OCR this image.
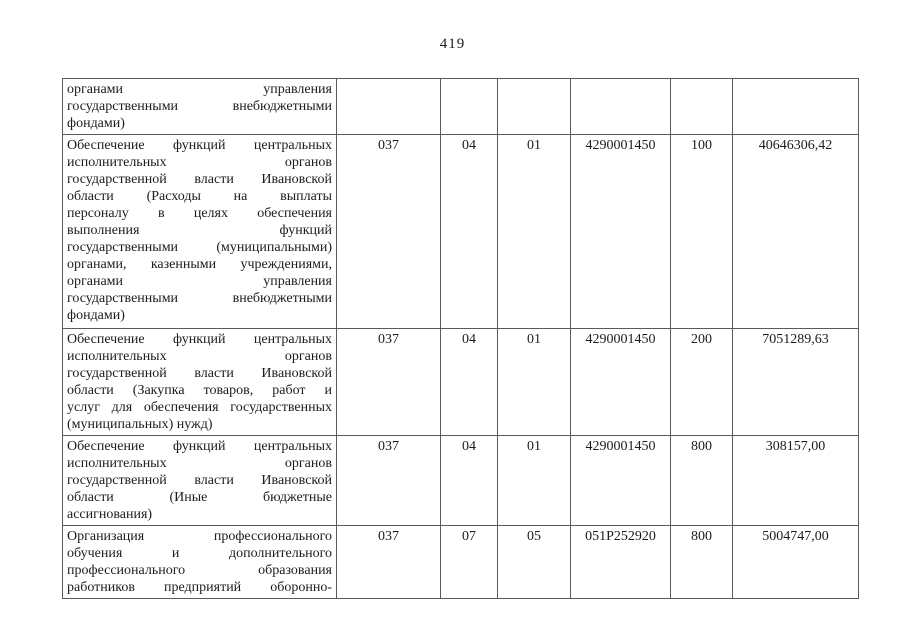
419
органами управления
государственными внебюджетными
фондами)						

Обеспечение функций центральных
исполнительных органов
государственной власти Ивановской
области (Расходы на выплаты
персоналу в целях обеспечения
выполнения функций
государственными (муниципальными)
органами, казенными учреждениями,
органами управления
государственными внебюджетными
фондами)
	037	04	01	4290001450	100	40646306,42

Обеспечение функций центральных
исполнительных органов
государственной власти Ивановской
области (Закупка товаров, работ и
услуг для обеспечения государственных
(муниципальных) нужд)
	037	04	01	4290001450	200	7051289,63

Обеспечение функций центральных
исполнительных органов
государственной власти Ивановской
области (Иные бюджетные
ассигнования)	037	04	01	4290001450	800	308157,00

Организация профессионального
обучения и дополнительного
профессионального образования
работников предприятий оборонно-	037	07	05	051Р252920	800	5004747,00
